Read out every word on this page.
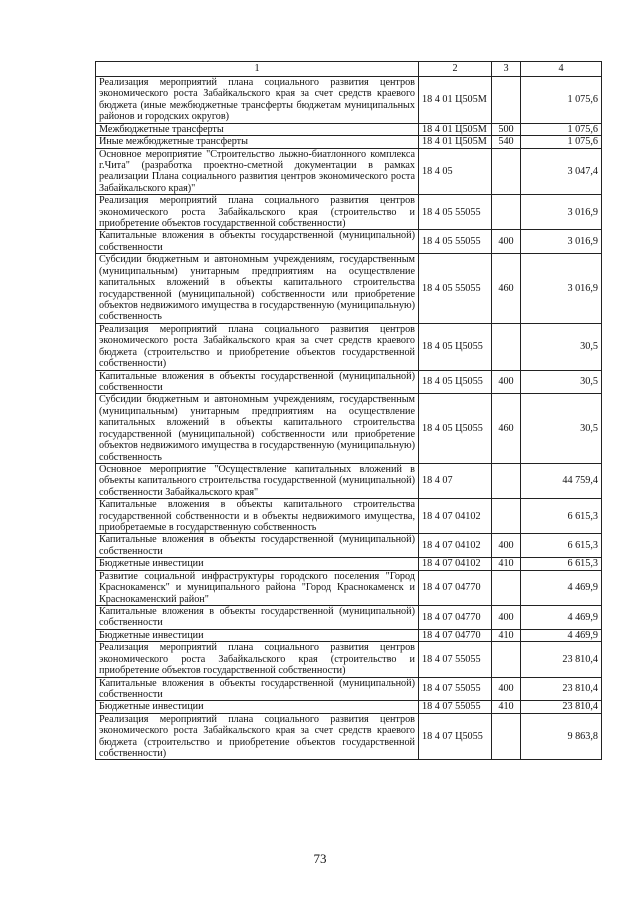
1	2	3	4
Реализация мероприятий плана социального развития центров экономического роста Забайкальского края за счет средств краевого бюджета (иные межбюджетные трансферты бюджетам муниципальных районов и городских округов)	18 4 01 Ц505М		1 075,6
Межбюджетные трансферты	18 4 01 Ц505М	500	1 075,6
Иные межбюджетные трансферты	18 4 01 Ц505М	540	1 075,6
Основное мероприятие "Строительство лыжно-биатлонного комплекса г.Чита" (разработка проектно-сметной документации в рамках реализации Плана социального развития центров экономического роста Забайкальского края)"	18 4 05		3 047,4
Реализация мероприятий плана социального развития центров экономического роста Забайкальского края (строительство и приобретение объектов государственной собственности)	18 4 05 55055		3 016,9
Капитальные вложения в объекты государственной (муниципальной) собственности	18 4 05 55055	400	3 016,9
Субсидии бюджетным и автономным учреждениям, государственным (муниципальным) унитарным предприятиям на осуществление капитальных вложений в объекты капитального строительства государственной (муниципальной) собственности или приобретение объектов недвижимого имущества в государственную (муниципальную) собственность	18 4 05 55055	460	3 016,9
Реализация мероприятий плана социального развития центров экономического роста Забайкальского края за счет средств краевого бюджета (строительство и приобретение объектов государственной собственности)	18 4 05 Ц5055		30,5
Капитальные вложения в объекты государственной (муниципальной) собственности	18 4 05 Ц5055	400	30,5
Субсидии бюджетным и автономным учреждениям, государственным (муниципальным) унитарным предприятиям на осуществление капитальных вложений в объекты капитального строительства государственной (муниципальной) собственности или приобретение объектов недвижимого имущества в государственную (муниципальную) собственность	18 4 05 Ц5055	460	30,5
Основное мероприятие "Осуществление капитальных вложений в объекты капитального строительства государственной (муниципальной) собственности Забайкальского края"	18 4 07		44 759,4
Капитальные вложения в объекты капитального строительства государственной собственности и в объекты недвижимого имущества, приобретаемые в государственную собственность	18 4 07 04102		6 615,3
Капитальные вложения в объекты государственной (муниципальной) собственности	18 4 07 04102	400	6 615,3
Бюджетные инвестиции	18 4 07 04102	410	6 615,3
Развитие социальной инфраструктуры городского поселения "Город Краснокаменск" и муниципального района "Город Краснокаменск и Краснокаменский район"	18 4 07 04770		4 469,9
Капитальные вложения в объекты государственной (муниципальной) собственности	18 4 07 04770	400	4 469,9
Бюджетные инвестиции	18 4 07 04770	410	4 469,9
Реализация мероприятий плана социального развития центров экономического роста Забайкальского края (строительство и приобретение объектов государственной собственности)	18 4 07 55055		23 810,4
Капитальные вложения в объекты государственной (муниципальной) собственности	18 4 07 55055	400	23 810,4
Бюджетные инвестиции	18 4 07 55055	410	23 810,4
Реализация мероприятий плана социального развития центров экономического роста Забайкальского края за счет средств краевого бюджета (строительство и приобретение объектов государственной собственности)	18 4 07 Ц5055		9 863,8
73
